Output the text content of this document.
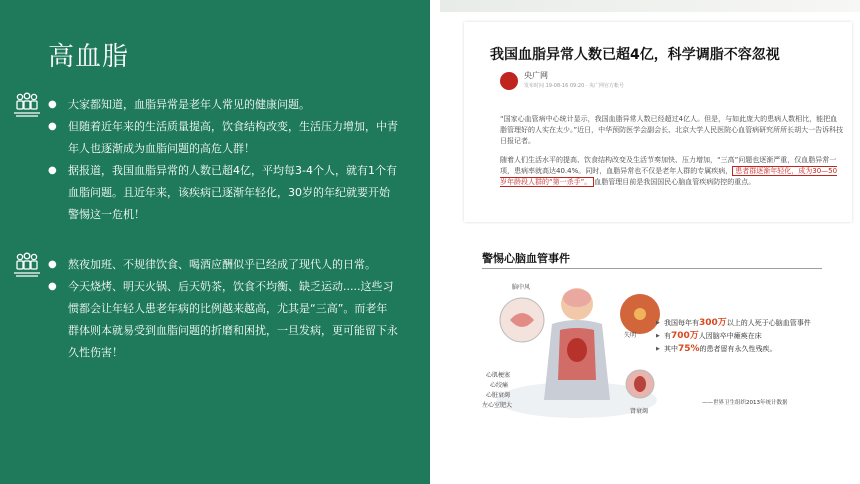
高血脂
● 大家都知道，血脂异常是老年人常见的健康问题。
● 但随着近年来的生活质量提高，饮食结构改变，生活压力增加，中青年人也逐渐成为血脂问题的高危人群！
● 据报道，我国血脂异常的人数已超4亿，平均每3-4个人，就有1个有血脂问题。且近年来，该疾病已逐渐年轻化，30岁的年纪就要开始警惕这一危机！
● 熬夜加班、不规律饮食、喝酒应酬似乎已经成了现代人的日常。
● 今天烧烤、明天火锅、后天奶茶，饮食不均衡、缺乏运动.....这些习惯都会让年轻人患老年病的比例越来越高，尤其是“三高”。而老年群体则本就易受到血脂问题的折磨和困扰，一旦发病，更可能留下永久性伤害！
我国血脂异常人数已超4亿，科学调脂不容忽视
央广网
发布时间 19-08-16 09:20 · 央广网官方帐号

“国家心血管病中心统计显示，我国血脂异常人数已经超过4亿人。但是，与如此庞大的患病人数相比，能把血脂管理好的人实在太少。”近日，中华预防医学会副会长、北京大学人民医院心血管病研究所所长胡大一告诉科技日报记者。

随着人们生活水平的提高、饮食结构改变及生活节奏加快、压力增加，“三高”问题也逐渐严重，仅血脂异常一项，患病率就高达40.4%。同时，血脂异常也不仅是老年人群的专属疾病， 患者群逐渐年轻化，成为30—50岁年龄段人群的“第一杀手”。 血脂管理目前是我国国民心脑血管疾病防控的重点。

警惕心脑血管事件
脑中风
失明
心肌梗塞
心绞痛
心脏衰竭
左心室肥大
肾衰竭
▶ 我国每年有300万以上的人死于心脑血管事件
▶ 有700万人因脑卒中瘫痪在床
▶ 其中75%的患者留有永久性残疾。
——世界卫生组织2013年统计数据
